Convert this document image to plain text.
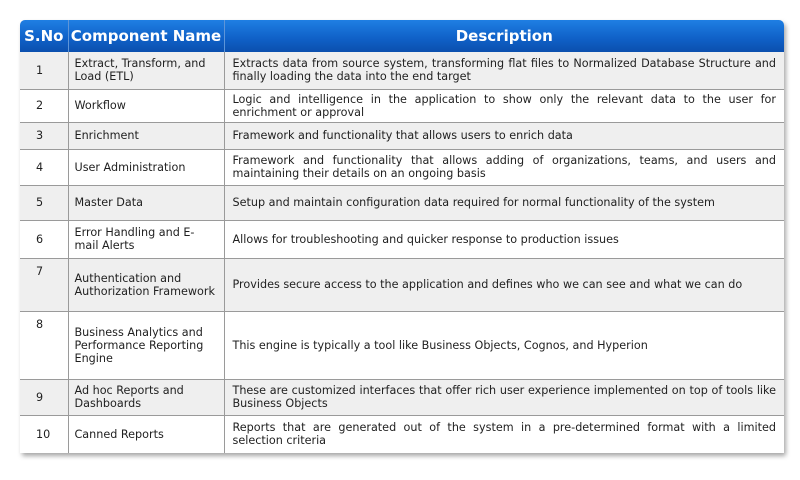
S.No	Component Name	Description
1	Extract, Transform, and Load (ETL)	Extracts data from source system, transforming flat files to Normalized Database Structure and finally loading the data into the end target
2	Workflow	Logic and intelligence in the application to show only the relevant data to the user for enrichment or approval
3	Enrichment	Framework and functionality that allows users to enrich data
4	User Administration	Framework and functionality that allows adding of organizations, teams, and users and maintaining their details on an ongoing basis
5	Master Data	Setup and maintain configuration data required for normal functionality of the system
6	Error Handling and E-mail Alerts	Allows for troubleshooting and quicker response to production issues
7	Authentication and Authorization Framework	Provides secure access to the application and defines who we can see and what we can do
8	Business Analytics and Performance Reporting Engine	This engine is typically a tool like Business Objects, Cognos, and Hyperion
9	Ad hoc Reports and Dashboards	These are customized interfaces that offer rich user experience implemented on top of tools like Business Objects
10	Canned Reports	Reports that are generated out of the system in a pre-determined format with a limited selection criteria
